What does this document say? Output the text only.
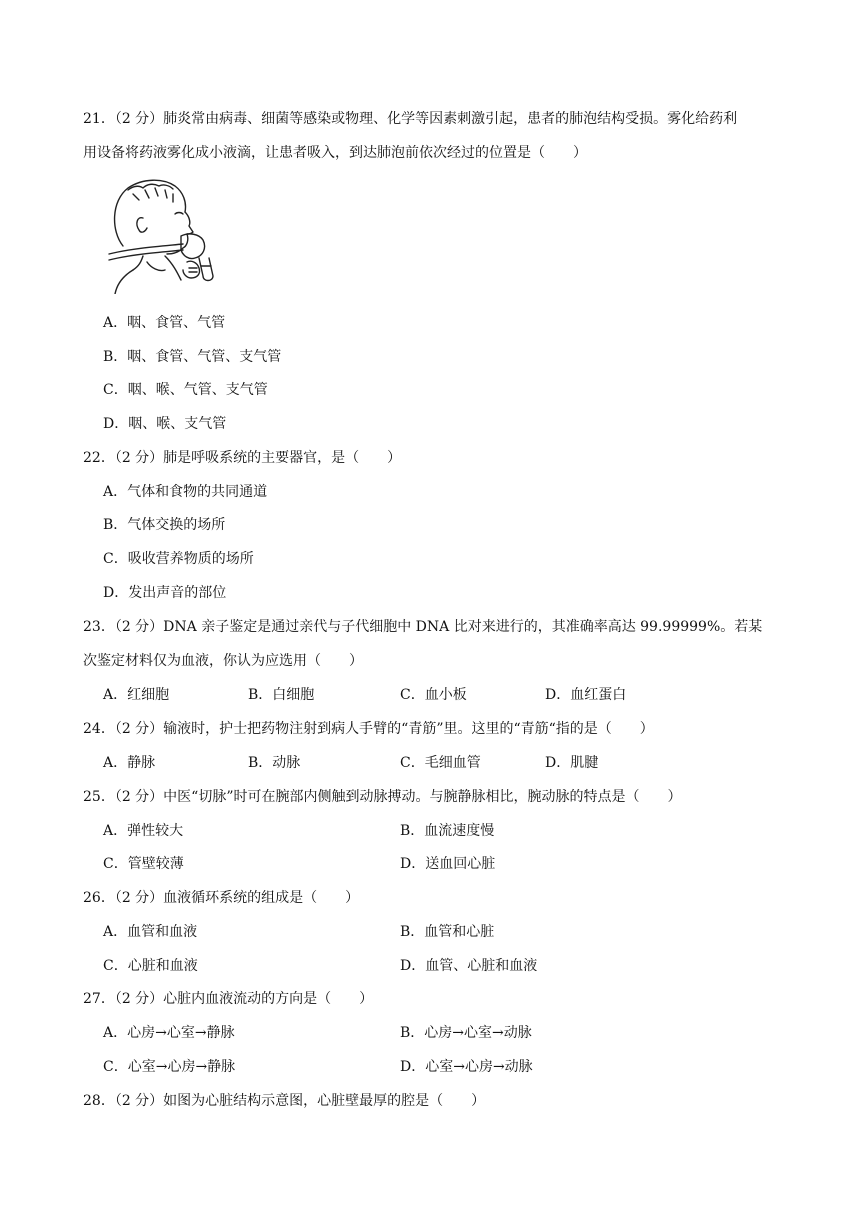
21．（2 分）肺炎常由病毒、细菌等感染或物理、化学等因素刺激引起，患者的肺泡结构受损。雾化给药利
用设备将药液雾化成小液滴，让患者吸入，到达肺泡前依次经过的位置是（　　）
A．咽、食管、气管
B．咽、食管、气管、支气管
C．咽、喉、气管、支气管
D．咽、喉、支气管
22．（2 分）肺是呼吸系统的主要器官，是（　　）
A．气体和食物的共同通道
B．气体交换的场所
C．吸收营养物质的场所
D．发出声音的部位
23．（2 分）DNA 亲子鉴定是通过亲代与子代细胞中 DNA 比对来进行的，其准确率高达 99.99999%。若某
次鉴定材料仅为血液，你认为应选用（　　）
A．红细胞	B．白细胞	C．血小板	D．血红蛋白
24．（2 分）输液时，护士把药物注射到病人手臂的“青筋”里。这里的“青筋“指的是（　　）
A．静脉	B．动脉	C．毛细血管	D．肌腱
25．（2 分）中医“切脉”时可在腕部内侧触到动脉搏动。与腕静脉相比，腕动脉的特点是（　　）
A．弹性较大	B．血流速度慢
C．管壁较薄	D．送血回心脏
26．（2 分）血液循环系统的组成是（　　）
A．血管和血液	B．血管和心脏
C．心脏和血液	D．血管、心脏和血液
27．（2 分）心脏内血液流动的方向是（　　）
A．心房→心室→静脉	B．心房→心室→动脉
C．心室→心房→静脉	D．心室→心房→动脉
28．（2 分）如图为心脏结构示意图，心脏壁最厚的腔是（　　）
